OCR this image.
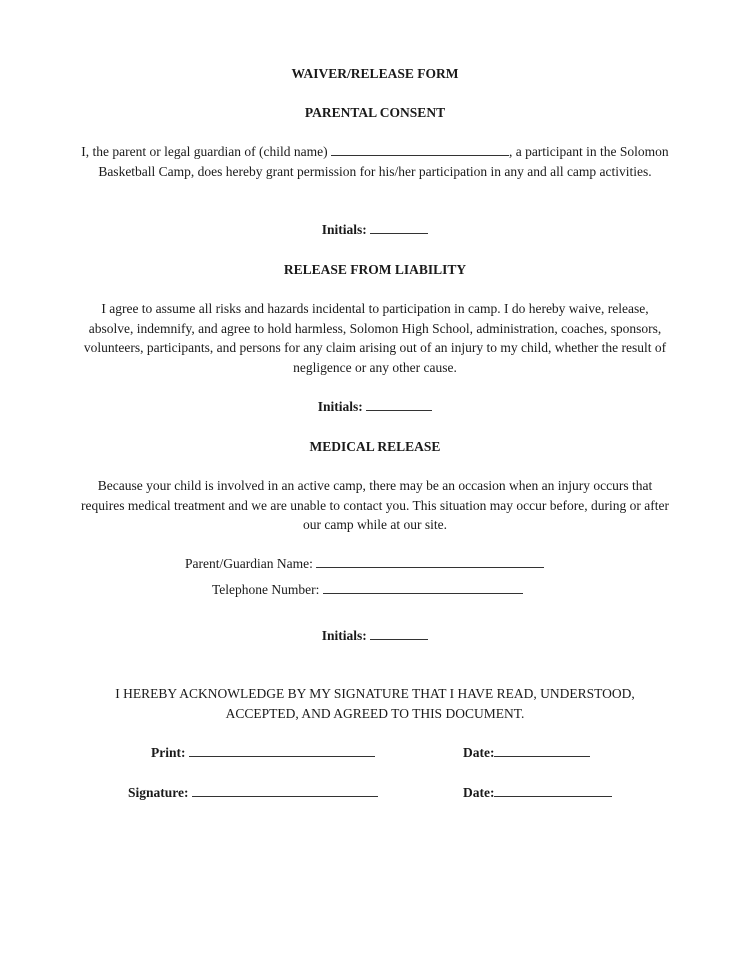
WAIVER/RELEASE FORM
PARENTAL CONSENT
I, the parent or legal guardian of (child name)	, a participant in the Solomon Basketball Camp, does hereby grant permission for his/her participation in any and all camp activities.
Initials:
RELEASE FROM LIABILITY
I agree to assume all risks and hazards incidental to participation in camp. I do hereby waive, release, absolve, indemnify, and agree to hold harmless, Solomon High School, administration, coaches, sponsors, volunteers, participants, and persons for any claim arising out of an injury to my child, whether the result of negligence or any other cause.
Initials:
MEDICAL RELEASE
Because your child is involved in an active camp, there may be an occasion when an injury occurs that requires medical treatment and we are unable to contact you. This situation may occur before, during or after our camp while at our site.
Parent/Guardian Name:
Telephone Number:
Initials:
I HEREBY ACKNOWLEDGE BY MY SIGNATURE THAT I HAVE READ, UNDERSTOOD, ACCEPTED, AND AGREED TO THIS DOCUMENT.
Print:	Date:
Signature:	Date:
